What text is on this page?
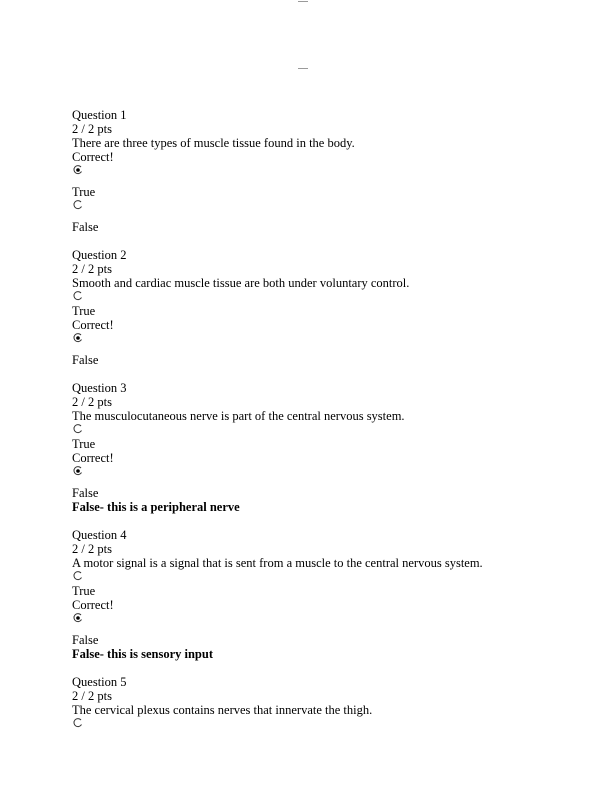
Question 1
2 / 2 pts
There are three types of muscle tissue found in the body.
Correct!
True
False
Question 2
2 / 2 pts
Smooth and cardiac muscle tissue are both under voluntary control.
True
Correct!
False
Question 3
2 / 2 pts
The musculocutaneous nerve is part of the central nervous system.
True
Correct!
False
False- this is a peripheral nerve
Question 4
2 / 2 pts
A motor signal is a signal that is sent from a muscle to the central nervous system.
True
Correct!
False
False- this is sensory input
Question 5
2 / 2 pts
The cervical plexus contains nerves that innervate the thigh.
